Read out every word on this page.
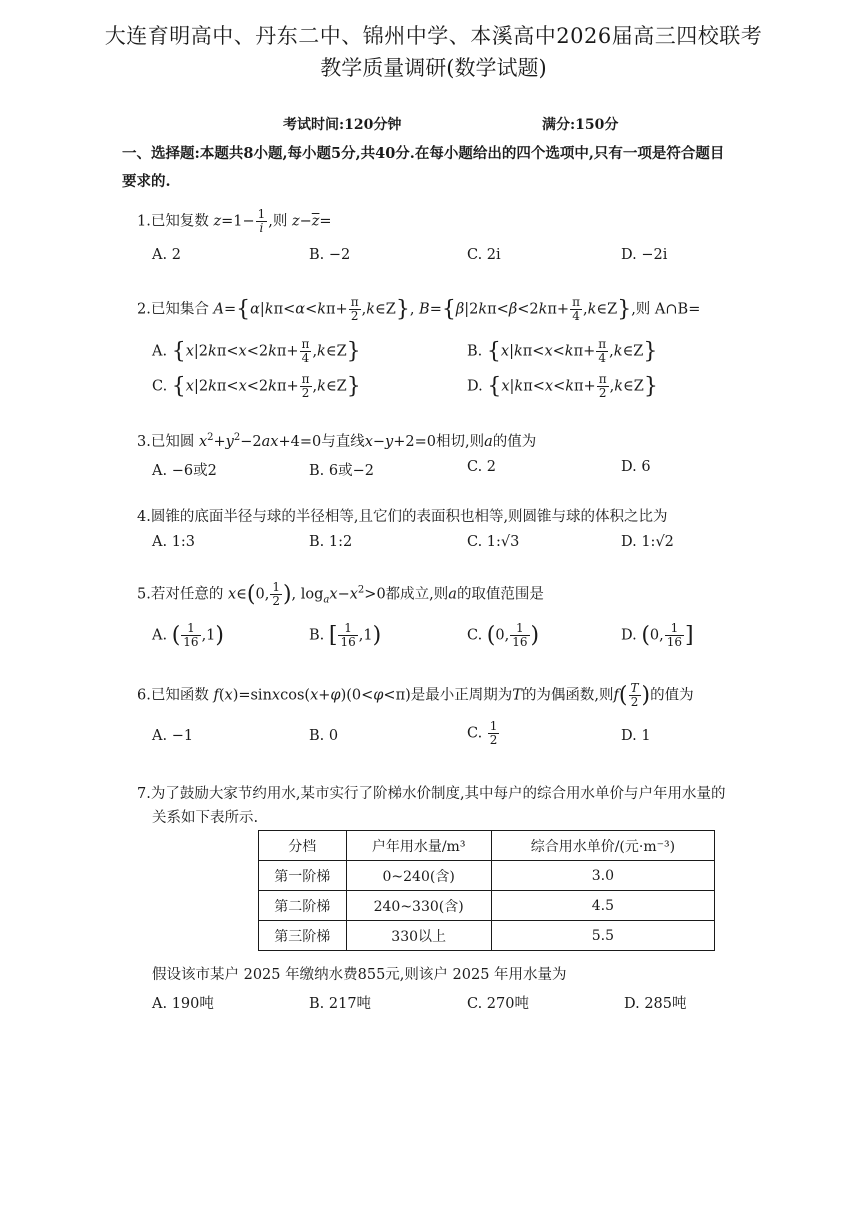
大连育明高中、丹东二中、锦州中学、本溪高中2026届高三四校联考
教学质量调研(数学试题)
考试时间:120分钟	满分:150分
一、选择题:本题共8小题,每小题5分,共40分.在每小题给出的四个选项中,只有一项是符合题目
要求的.
1.已知复数 $z=1- \frac{1}{i}$ ,则 $z-\overline{z}=$
A. 2	B. −2	C. 2i	D. −2i
2.已知集合 $A=\{\alpha|k\pi<\alpha<k\pi+ \frac{\pi}{2}$ ,k∈Z}, $B=\{\beta|2k\pi<\beta<2k\pi+ \frac{\pi}{4}$ ,k∈Z},则 A∩B=
A. {$x|2k\pi<x<2k\pi+ \frac{\pi}{4}$ ,k∈Z}	B. {$x|k\pi<x<k\pi+ \frac{\pi}{4}$ ,k∈Z}
C. {$x|2k\pi<x<2k\pi+ \frac{\pi}{2}$ ,k∈Z}	D. {$x|k\pi<x<k\pi+ \frac{\pi}{2}$ ,k∈Z}
3.已知圆 $x^2+y^2-2ax+4=0$与直线x−y+2=0相切,则a的值为
A. −6或2	B. 6或−2	C. 2	D. 6
4.圆锥的底面半径与球的半径相等,且它们的表面积也相等,则圆锥与球的体积之比为
A. 1:3	B. 1:2	C. 1:√3	D. 1:√2
5.若对任意的 x∈(0, $\frac{1}{2}$ ), $\log_ax-x^2>0$都成立,则a的取值范围是
A. ( $\frac{1}{16} ,1$)	B. [ $\frac{1}{16} ,1$)	C. (0, $\frac{1}{16}$ )	D. (0, $\frac{1}{16}$ ]
6.已知函数 f(x)=sinxcos(x+φ)(0<φ<π)是最小正周期为T的为偶函数,则$f( \frac{T}{2}$ )的值为
A. −1	B. 0	C. $\frac{1}{2}$	D. 1
7.为了鼓励大家节约用水,某市实行了阶梯水价制度,其中每户的综合用水单价与户年用水量的
关系如下表所示.
分档	户年用水量/m³	综合用水单价/(元·m⁻³)
第一阶梯	0~240(含)	3.0
第二阶梯	240~330(含)	4.5
第三阶梯	330以上	5.5
假设该市某户 2025 年缴纳水费855元,则该户 2025 年用水量为
A. 190吨	B. 217吨	C. 270吨	D. 285吨
